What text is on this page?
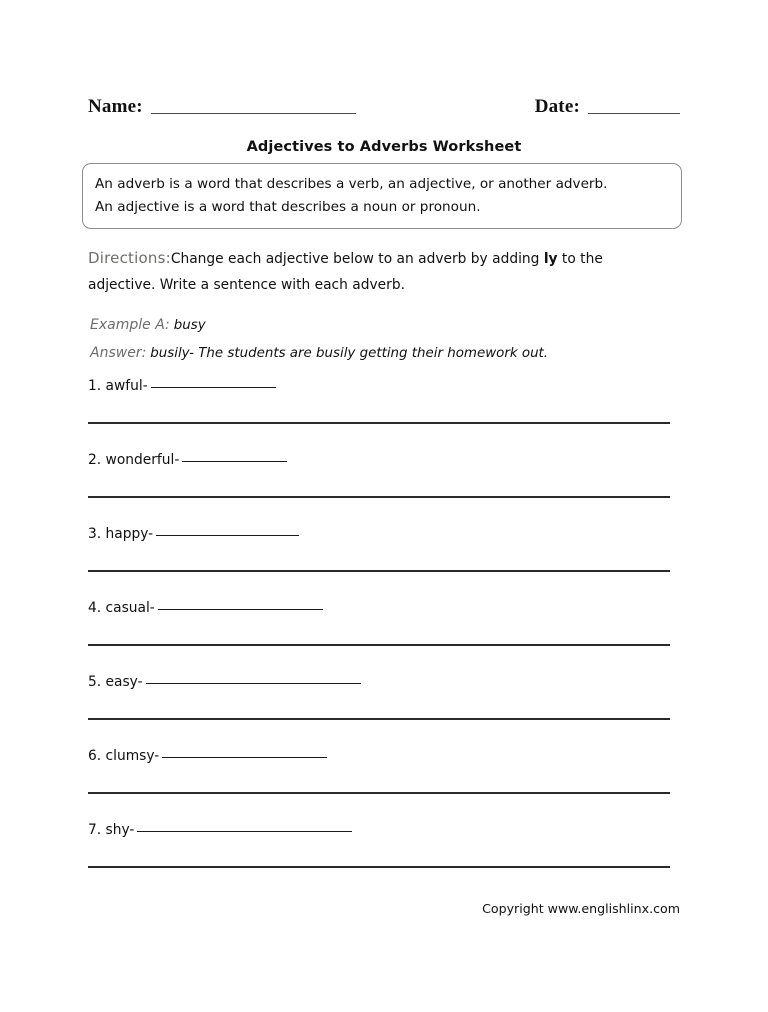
Name:	Date:
Adjectives to Adverbs Worksheet
An adverb is a word that describes a verb, an adjective, or another adverb.
An adjective is a word that describes a noun or pronoun.
Directions:Change each adjective below to an adverb by adding ly to the
adjective. Write a sentence with each adverb.
Example A: busy
Answer: busily- The students are busily getting their homework out.
1. awful-
2. wonderful-
3. happy-
4. casual-
5. easy-
6. clumsy-
7. shy-
Copyright www.englishlinx.com
